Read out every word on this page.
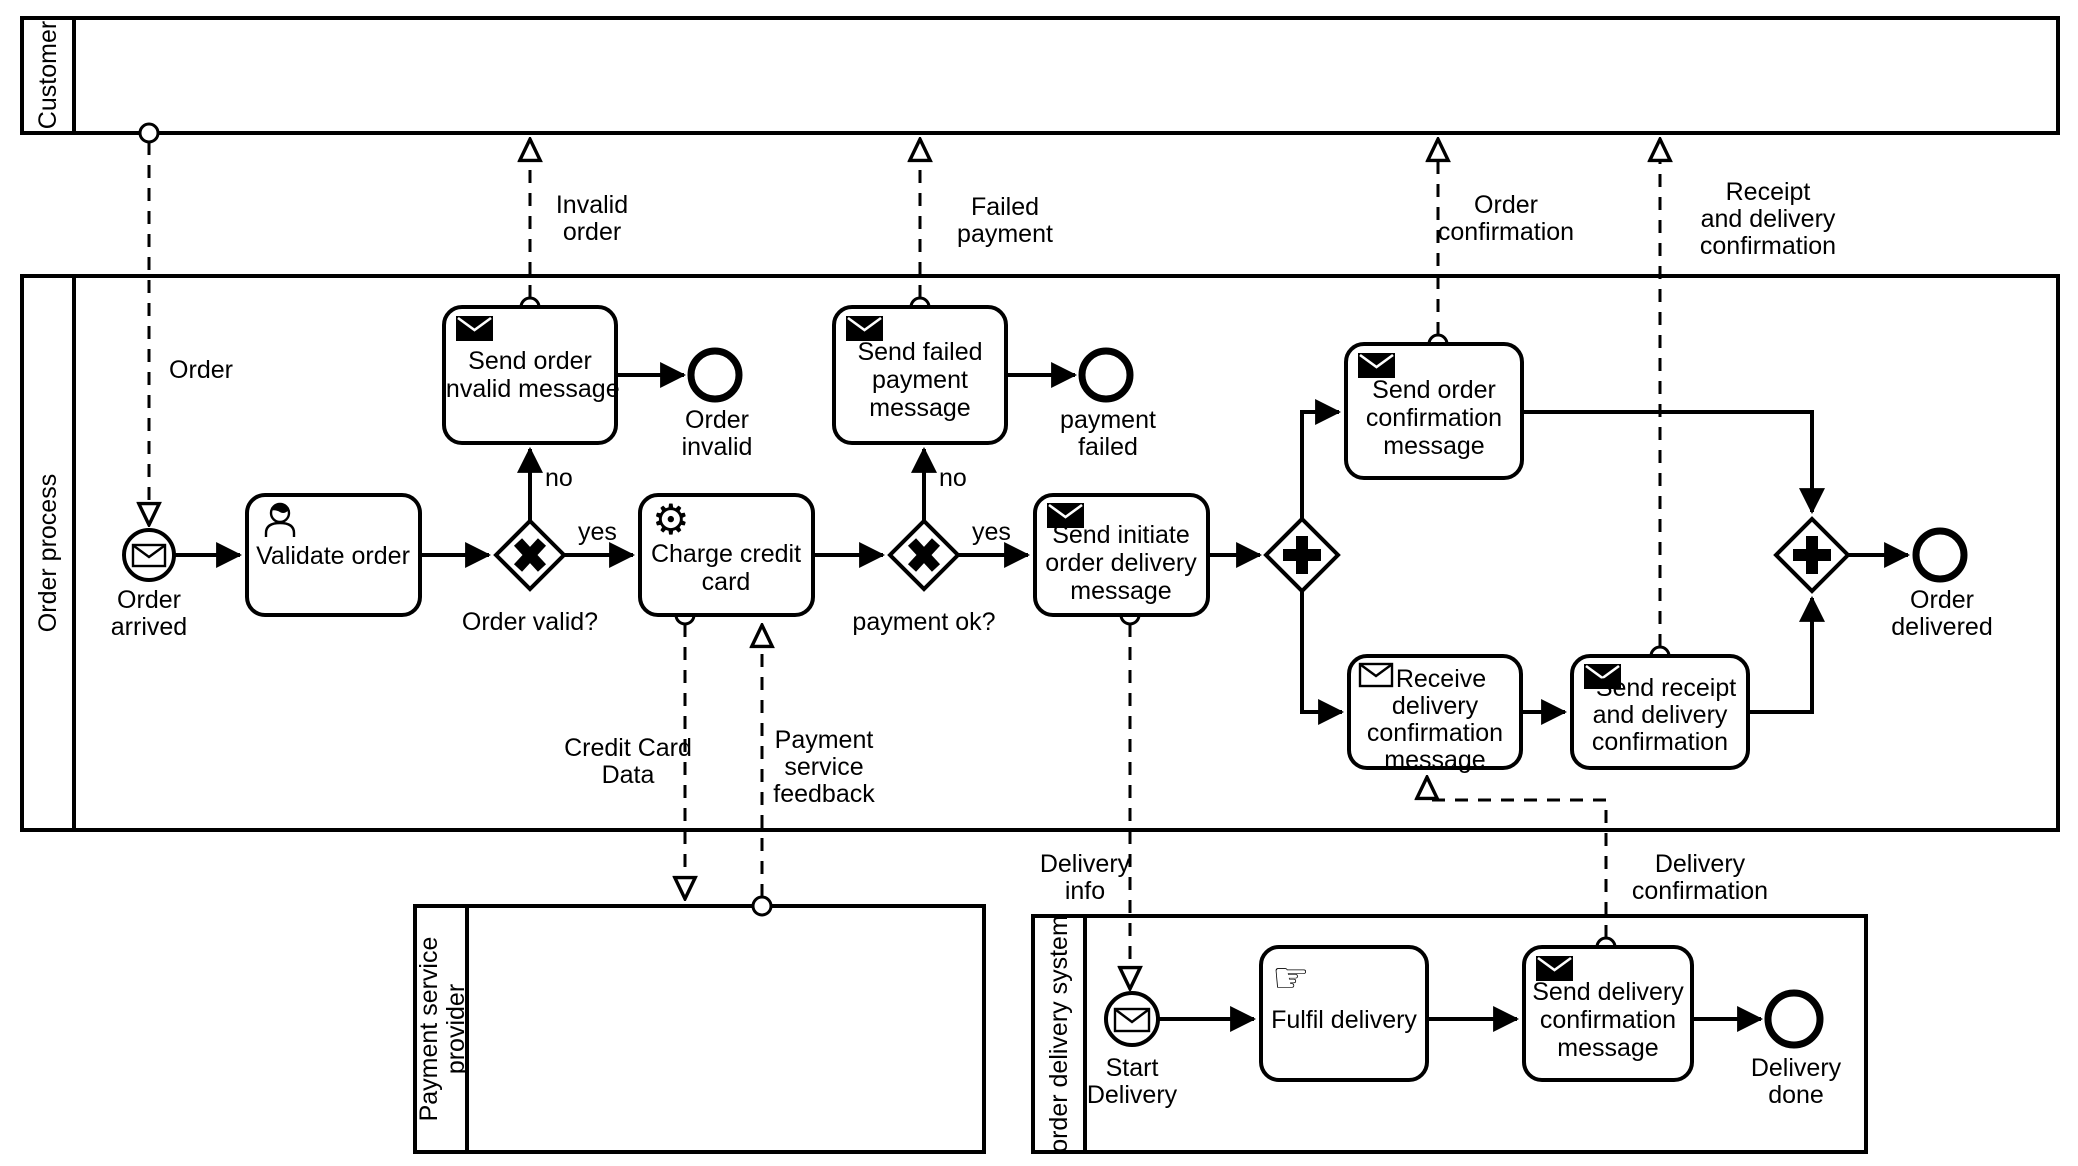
Customer
Order process
Payment service provider	order delivery system
Order
Invalid
order
Failed
payment
Order
confirmation
Receipt
and delivery
confirmation
Credit Card
Data
Payment
service
feedback
Delivery
info
Delivery
confirmation
Order
arrived
Order
invalid
payment
failed
Order
delivered
Start
Delivery
Delivery
done
Validate order
Send order
invalid message
⚙
Charge credit
card
Send failed
payment
message
Send initiate
order delivery
message
Send order
confirmation
message
Receive
delivery
confirmation
message
Send receipt
and delivery
confirmation
☞
Fulfil delivery
Send delivery
confirmation
message
Order valid?
no
yes
payment ok?
no
yes
